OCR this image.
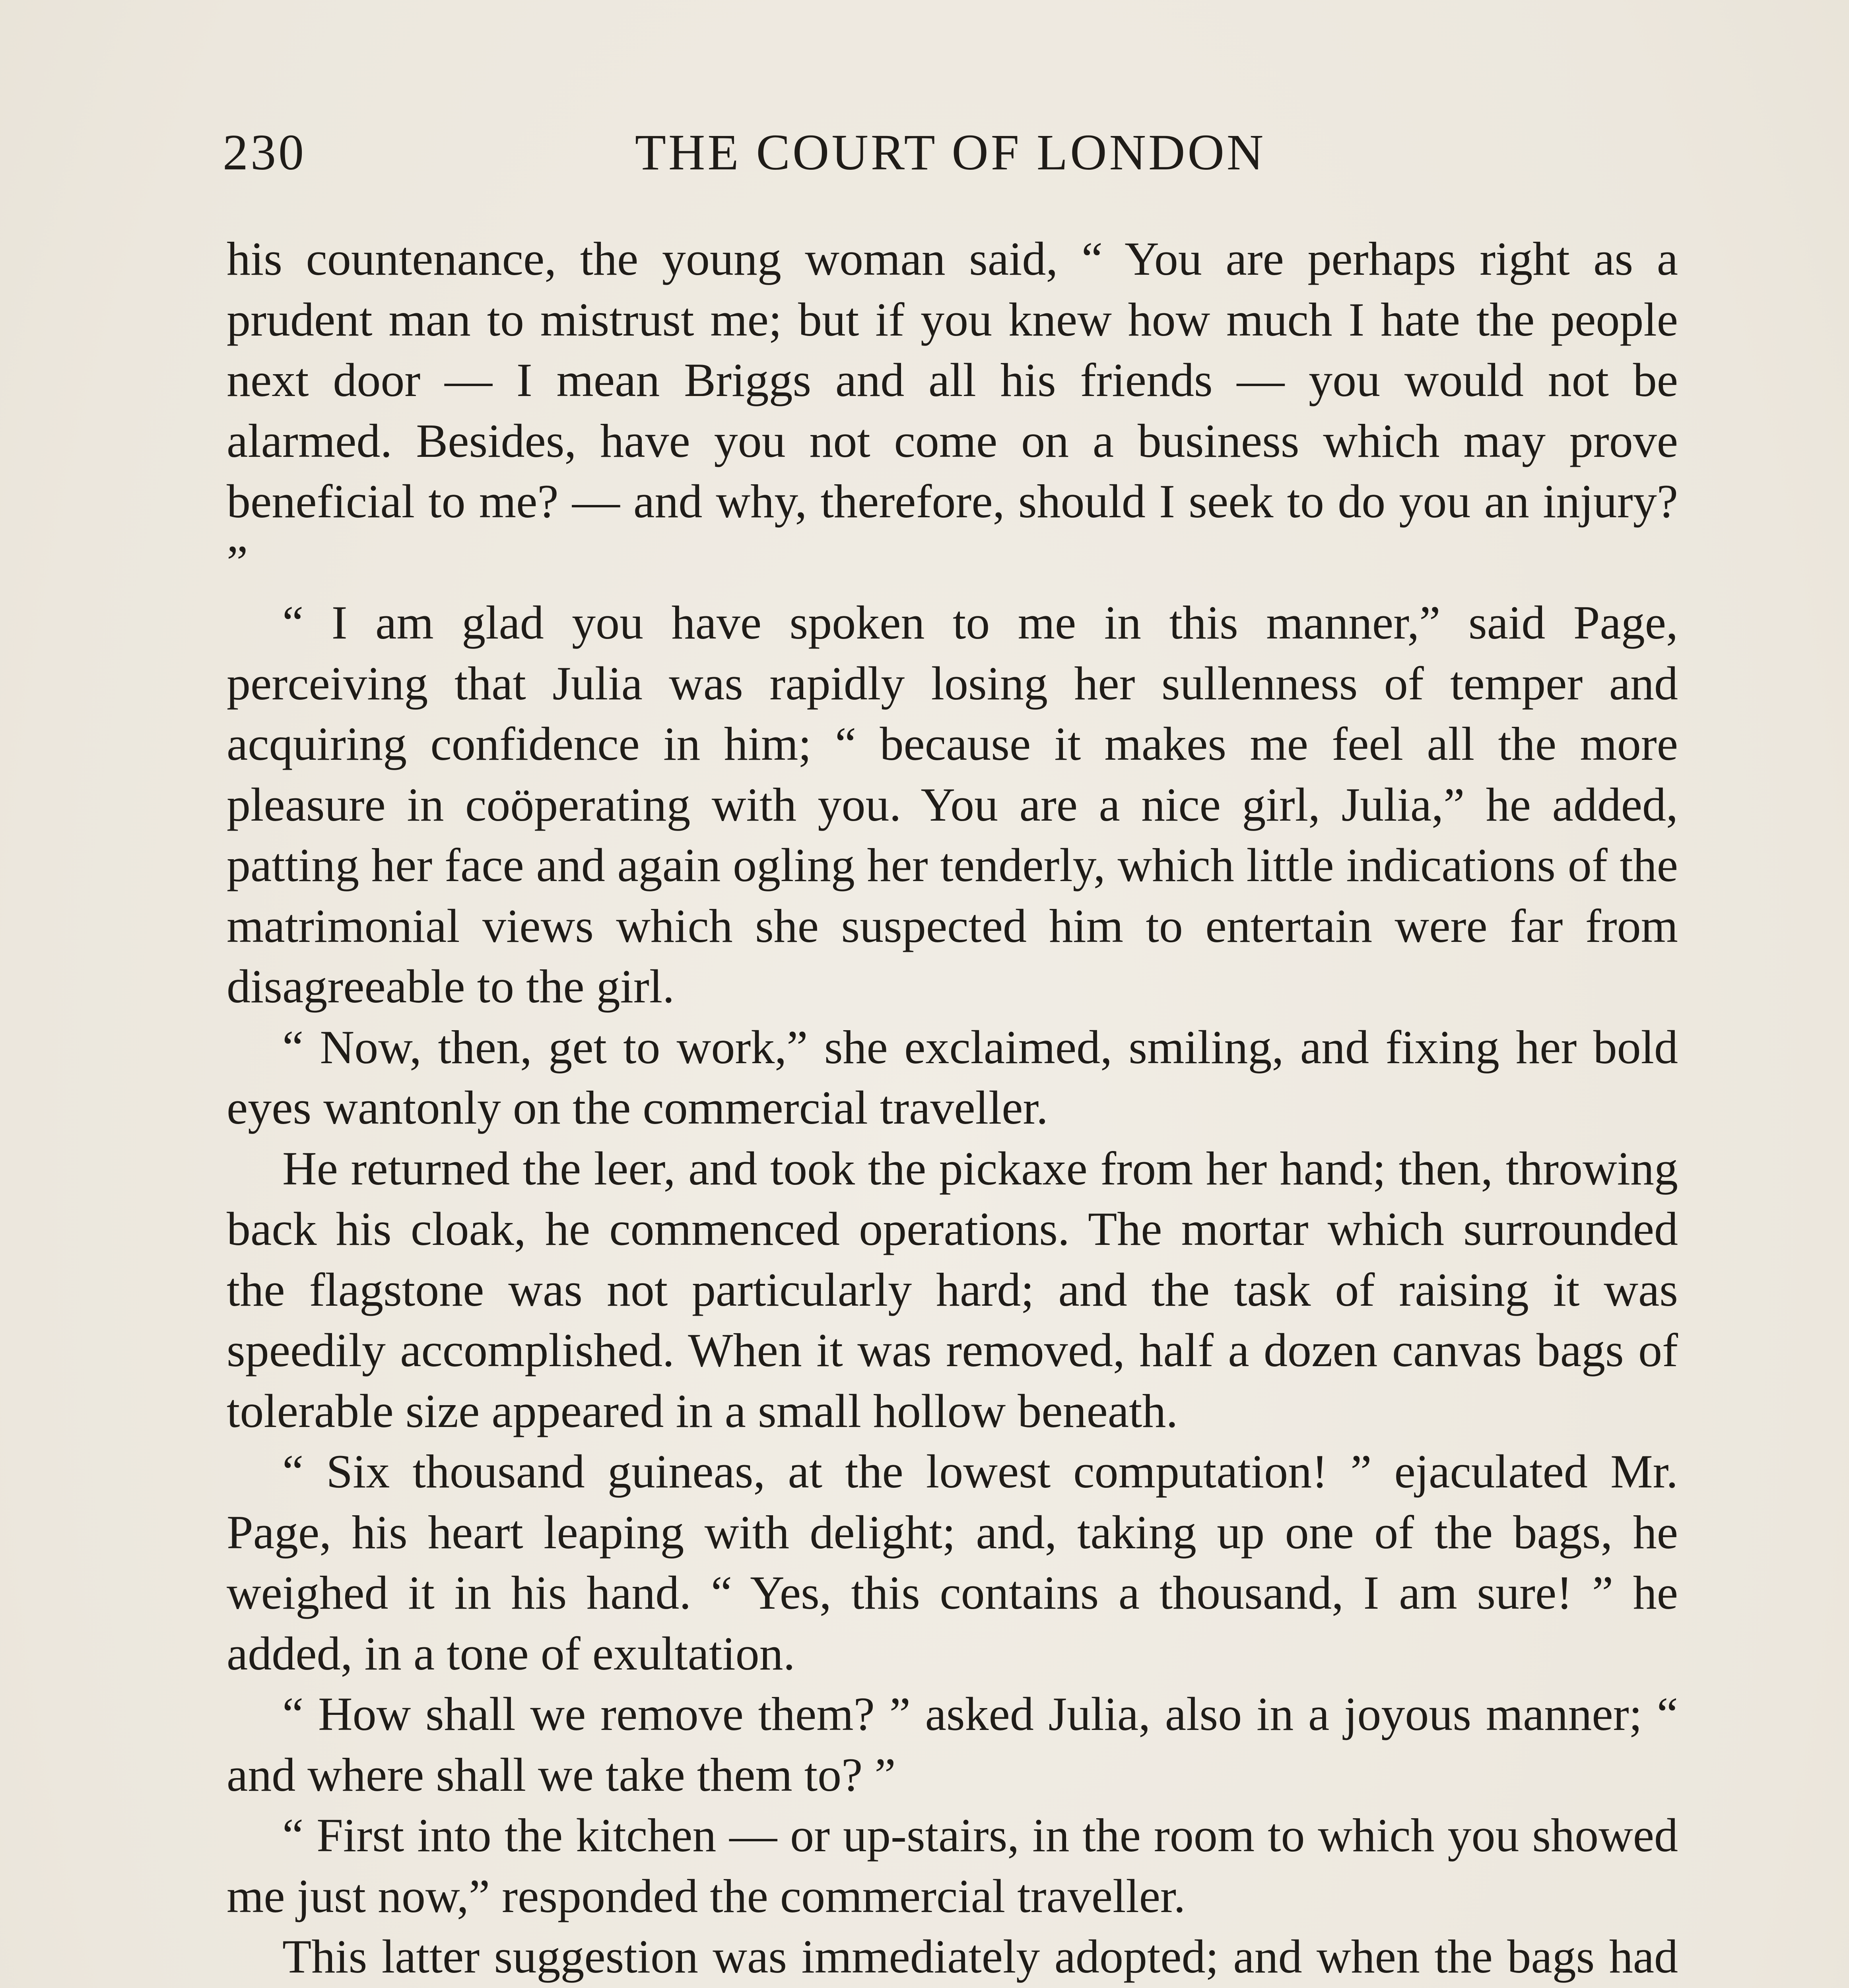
230	THE COURT OF LONDON

his countenance, the young woman said, “ You are perhaps right as a prudent man to mistrust me; but if you knew how much I hate the people next door — I mean Briggs and all his friends — you would not be alarmed. Besides, have you not come on a business which may prove beneficial to me? — and why, therefore, should I seek to do you an injury? ”

“ I am glad you have spoken to me in this manner,” said Page, perceiving that Julia was rapidly losing her sullenness of temper and acquiring confidence in him; “ because it makes me feel all the more pleasure in coöperating with you. You are a nice girl, Julia,” he added, patting her face and again ogling her tenderly, which little indications of the matrimonial views which she suspected him to entertain were far from disagreeable to the girl.

“ Now, then, get to work,” she exclaimed, smiling, and fixing her bold eyes wantonly on the commercial traveller.

He returned the leer, and took the pickaxe from her hand; then, throwing back his cloak, he commenced operations. The mortar which surrounded the flagstone was not particularly hard; and the task of raising it was speedily accomplished. When it was removed, half a dozen canvas bags of tolerable size appeared in a small hollow beneath.

“ Six thousand guineas, at the lowest computation! ” ejaculated Mr. Page, his heart leaping with delight; and, taking up one of the bags, he weighed it in his hand. “ Yes, this contains a thousand, I am sure! ” he added, in a tone of exultation.

“ How shall we remove them? ” asked Julia, also in a joyous manner; “ and where shall we take them to? ”

“ First into the kitchen — or up-stairs, in the room to which you showed me just now,” responded the commercial traveller.

This latter suggestion was immediately adopted; and when the bags had
